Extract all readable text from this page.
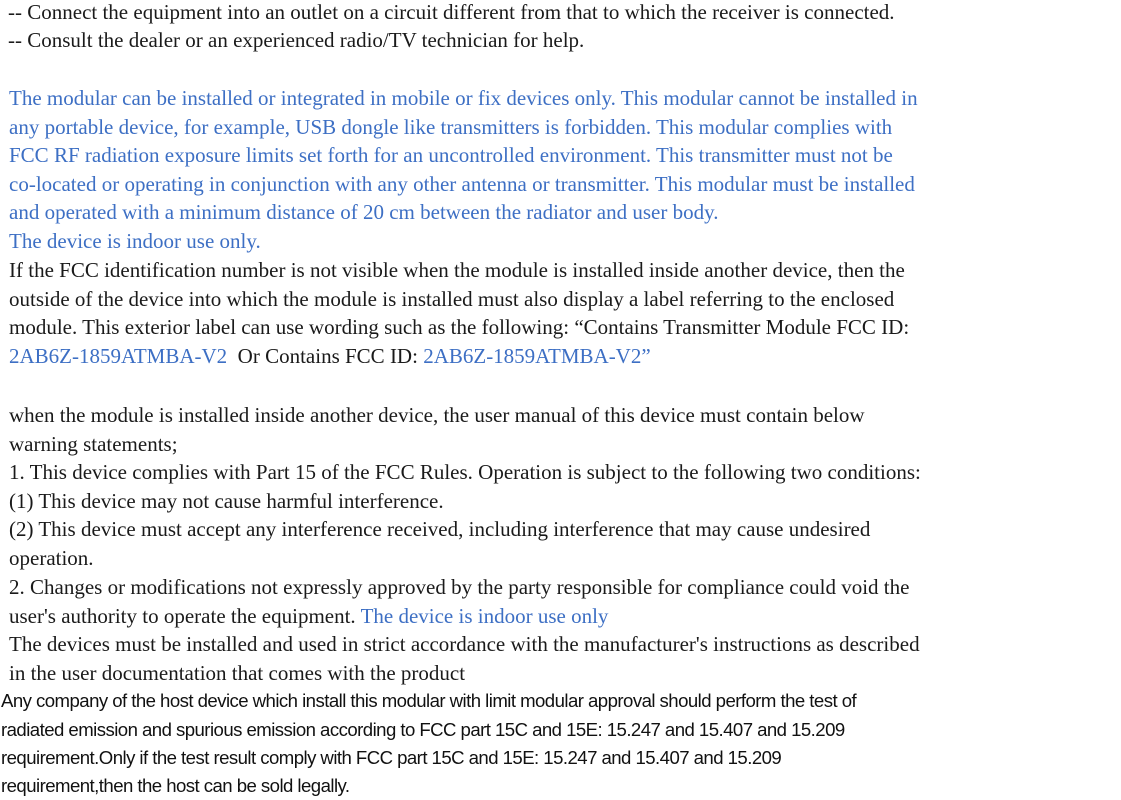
-- Connect the equipment into an outlet on a circuit different from that to which the receiver is connected.
-- Consult the dealer or an experienced radio/TV technician for help.
The modular can be installed or integrated in mobile or fix devices only. This modular cannot be installed in
any portable device, for example, USB dongle like transmitters is forbidden. This modular complies with
FCC RF radiation exposure limits set forth for an uncontrolled environment. This transmitter must not be
co-located or operating in conjunction with any other antenna or transmitter. This modular must be installed
and operated with a minimum distance of 20 cm between the radiator and user body.
The device is indoor use only.
If the FCC identification number is not visible when the module is installed inside another device, then the
outside of the device into which the module is installed must also display a label referring to the enclosed
module. This exterior label can use wording such as the following: “Contains Transmitter Module FCC ID:
2AB6Z-1859ATMBA-V2  Or Contains FCC ID: 2AB6Z-1859ATMBA-V2”
when the module is installed inside another device, the user manual of this device must contain below
warning statements;
1. This device complies with Part 15 of the FCC Rules. Operation is subject to the following two conditions:
(1) This device may not cause harmful interference.
(2) This device must accept any interference received, including interference that may cause undesired
operation.
2. Changes or modifications not expressly approved by the party responsible for compliance could void the
user's authority to operate the equipment. The device is indoor use only
The devices must be installed and used in strict accordance with the manufacturer's instructions as described
in the user documentation that comes with the product
Any company of the host device which install this modular with limit modular approval should perform the test of
radiated emission and spurious emission according to FCC part 15C and 15E: 15.247 and 15.407 and 15.209
requirement.Only if the test result comply with FCC part 15C and 15E: 15.247 and 15.407 and 15.209
requirement,then the host can be sold legally.
